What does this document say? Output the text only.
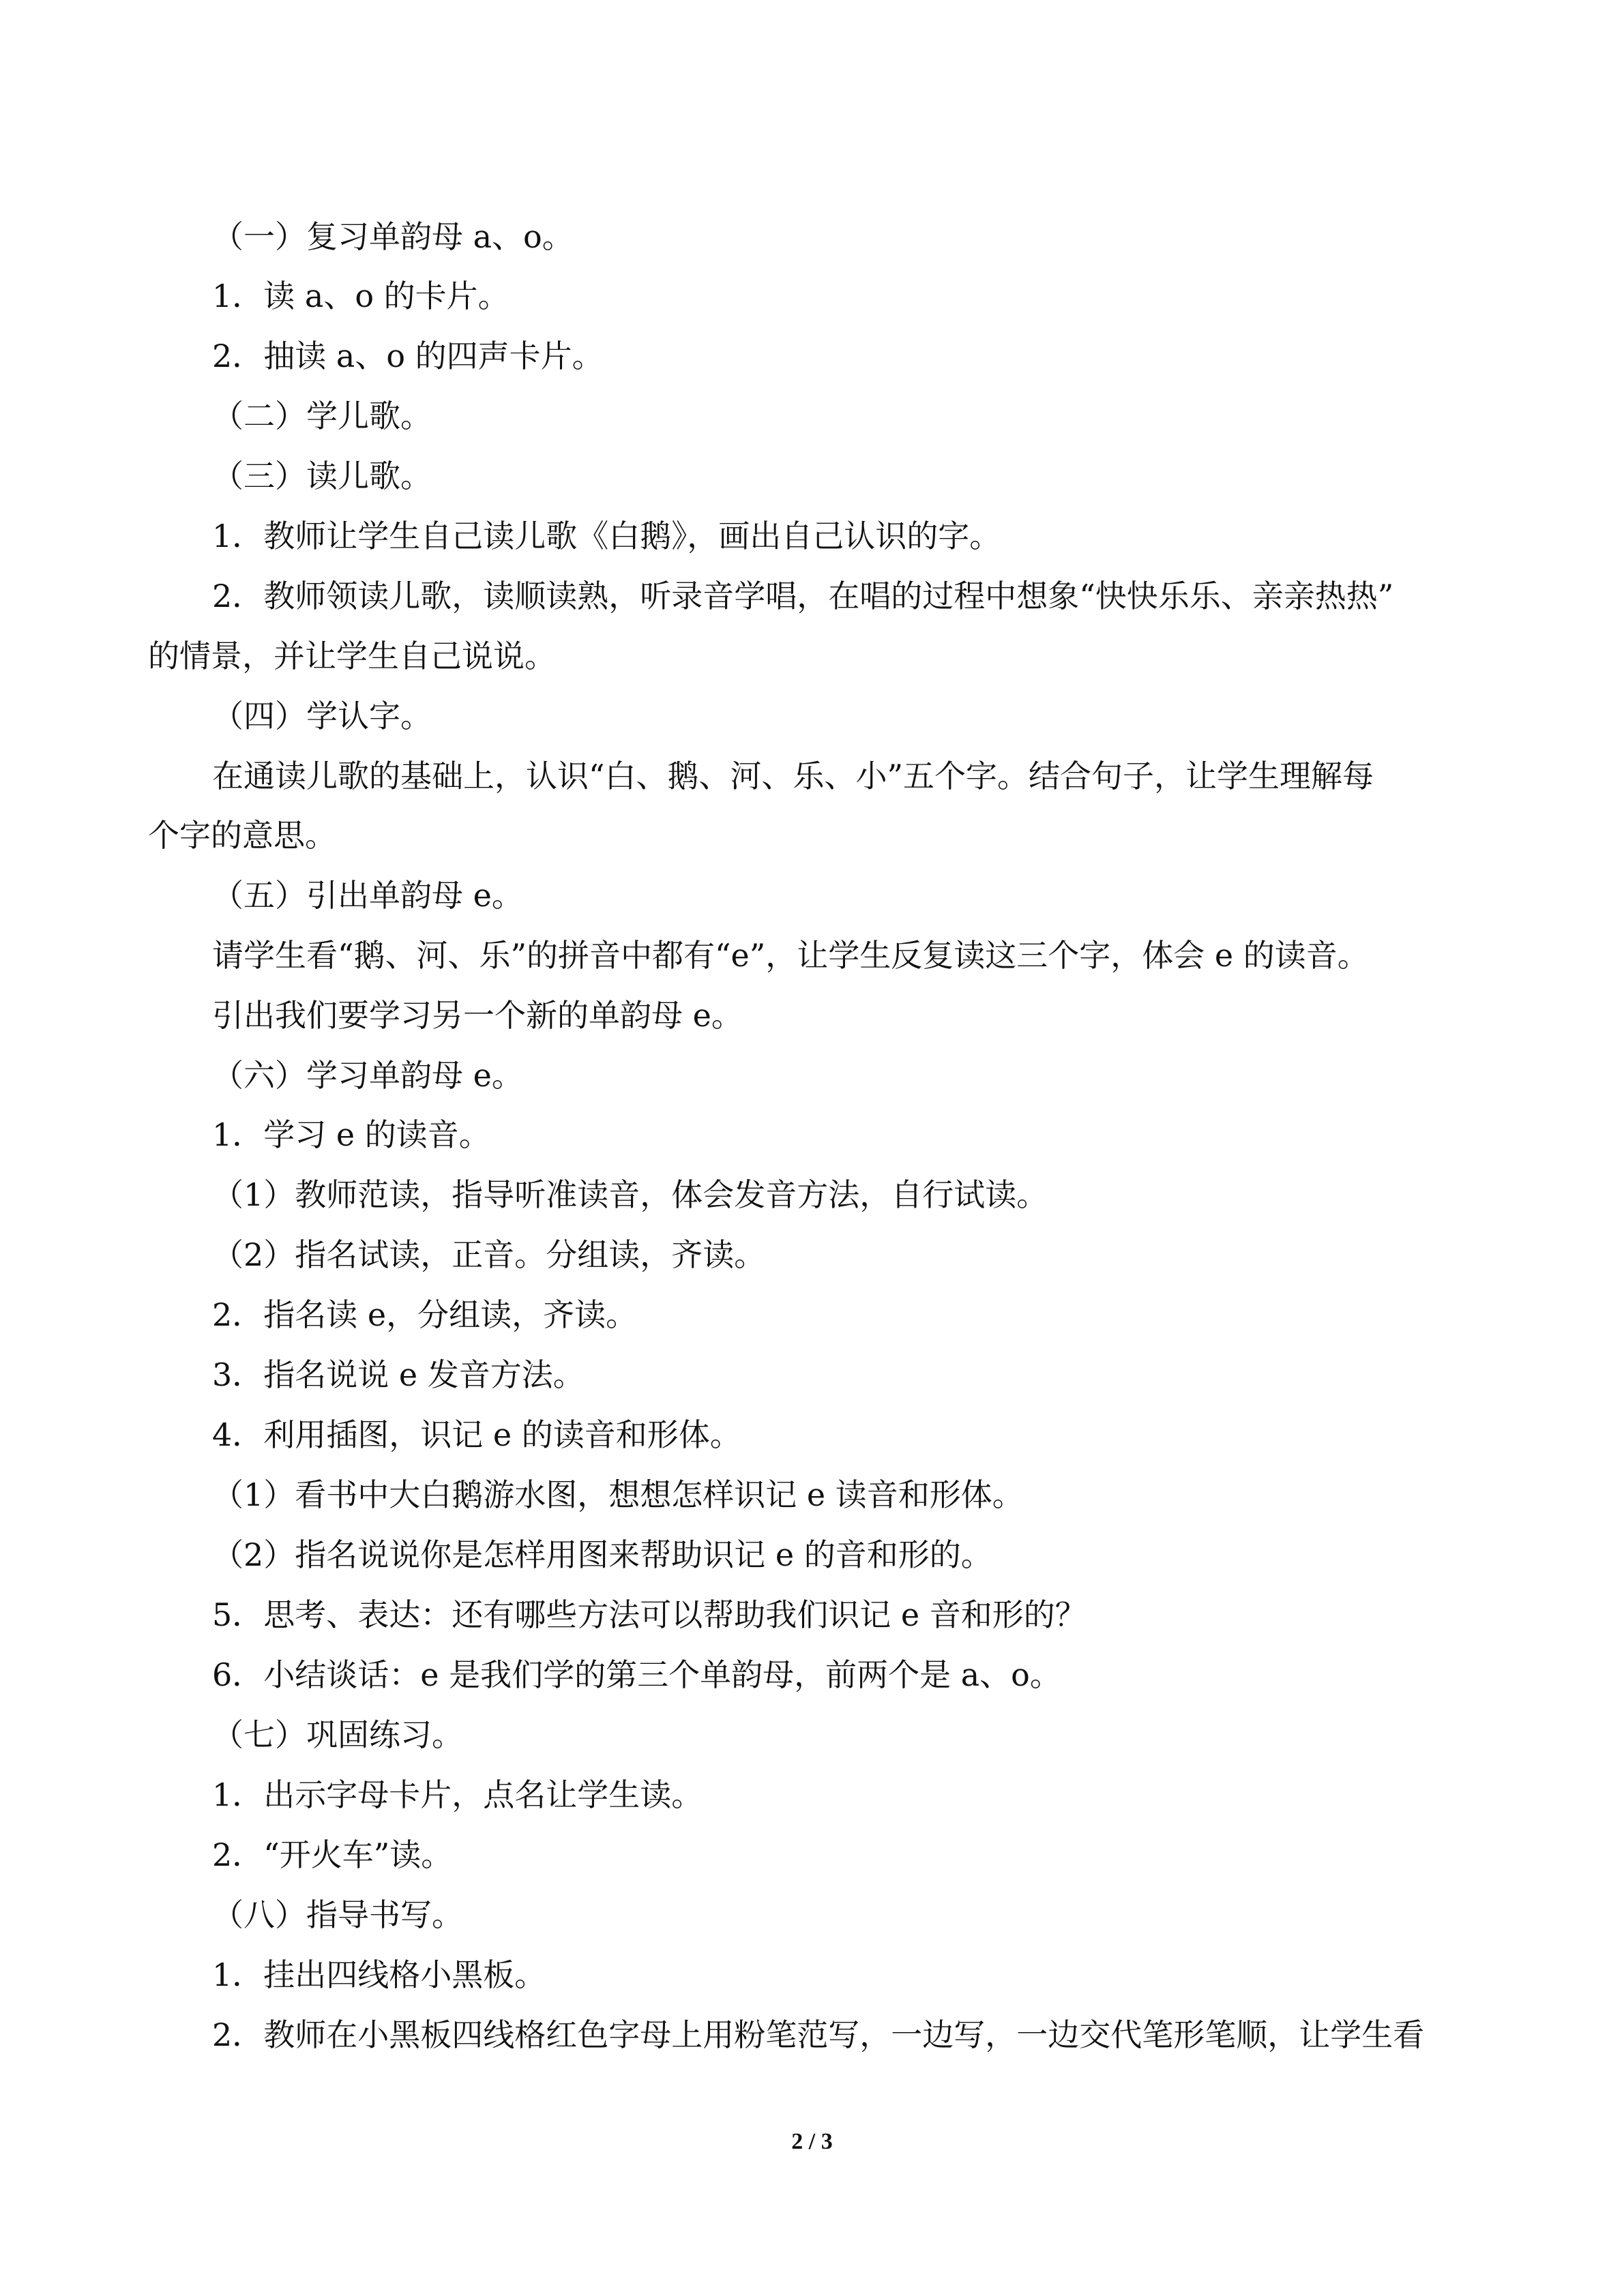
（一）复习单韵母 a、o。
1．读 a、o 的卡片。
2．抽读 a、o 的四声卡片。
（二）学儿歌。
（三）读儿歌。
1．教师让学生自己读儿歌《白鹅》，画出自己认识的字。
2．教师领读儿歌，读顺读熟，听录音学唱，在唱的过程中想象“快快乐乐、亲亲热热”
的情景，并让学生自己说说。
（四）学认字。
在通读儿歌的基础上，认识“白、鹅、河、乐、小”五个字。结合句子，让学生理解每
个字的意思。
（五）引出单韵母 e。
请学生看“鹅、河、乐”的拼音中都有“e”，让学生反复读这三个字，体会 e 的读音。
引出我们要学习另一个新的单韵母 e。
（六）学习单韵母 e。
1．学习 e 的读音。
（1）教师范读，指导听准读音，体会发音方法，自行试读。
（2）指名试读，正音。分组读，齐读。
2．指名读 e，分组读，齐读。
3．指名说说 e 发音方法。
4．利用插图，识记 e 的读音和形体。
（1）看书中大白鹅游水图，想想怎样识记 e 读音和形体。
（2）指名说说你是怎样用图来帮助识记 e 的音和形的。
5．思考、表达：还有哪些方法可以帮助我们识记 e 音和形的？
6．小结谈话：e 是我们学的第三个单韵母，前两个是 a、o。
（七）巩固练习。
1．出示字母卡片，点名让学生读。
2．“开火车”读。
（八）指导书写。
1．挂出四线格小黑板。
2．教师在小黑板四线格红色字母上用粉笔范写，一边写，一边交代笔形笔顺，让学生看
2 / 3
